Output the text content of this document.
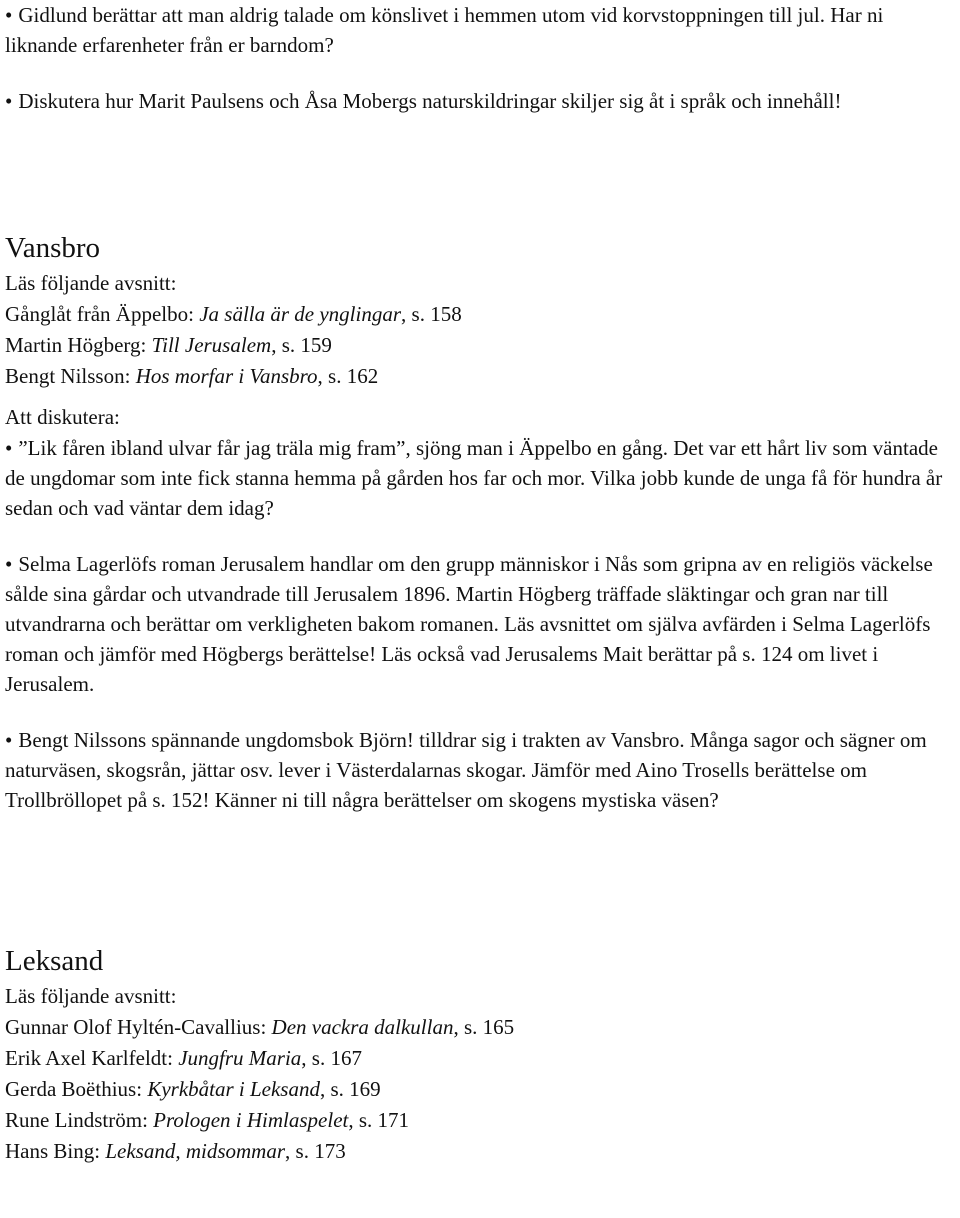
• Gidlund berättar att man aldrig talade om könslivet i hemmen utom vid korvstoppningen till jul. Har ni liknande erfarenheter från er barndom?

• Diskutera hur Marit Paulsens och Åsa Mobergs naturskildringar skiljer sig åt i språk och innehåll!

Vansbro

Läs följande avsnitt:

Gånglåt från Äppelbo: Ja sälla är de ynglingar, s. 158

Martin Högberg: Till Jerusalem, s. 159

Bengt Nilsson: Hos morfar i Vansbro, s. 162

Att diskutera:

• ”Lik fåren ibland ulvar får jag träla mig fram”, sjöng man i Äppelbo en gång. Det var ett hårt liv som väntade de ungdomar som inte fick stanna hemma på gården hos far och mor. Vilka jobb kunde de unga få för hundra år sedan och vad väntar dem idag?

• Selma Lagerlöfs roman Jerusalem handlar om den grupp människor i Nås som gripna av en religiös väckelse sålde sina gårdar och utvandrade till Jerusalem 1896. Martin Högberg träffade släktingar och gran nar till utvandrarna och berättar om verkligheten bakom romanen. Läs avsnittet om själva avfärden i Selma Lagerlöfs roman och jämför med Högbergs berättelse! Läs också vad Jerusalems Mait berättar på s. 124 om livet i Jerusalem.

• Bengt Nilssons spännande ungdomsbok Björn! tilldrar sig i trakten av Vansbro. Många sagor och sägner om naturväsen, skogsrån, jättar osv. lever i Västerdalarnas skogar. Jämför med Aino Trosells berättelse om Trollbröllopet på s. 152! Känner ni till några berättelser om skogens mystiska väsen?

Leksand

Läs följande avsnitt:

Gunnar Olof Hyltén-Cavallius: Den vackra dalkullan, s. 165

Erik Axel Karlfeldt: Jungfru Maria, s. 167

Gerda Boëthius: Kyrkbåtar i Leksand, s. 169

Rune Lindström: Prologen i Himlaspelet, s. 171

Hans Bing: Leksand, midsommar, s. 173
